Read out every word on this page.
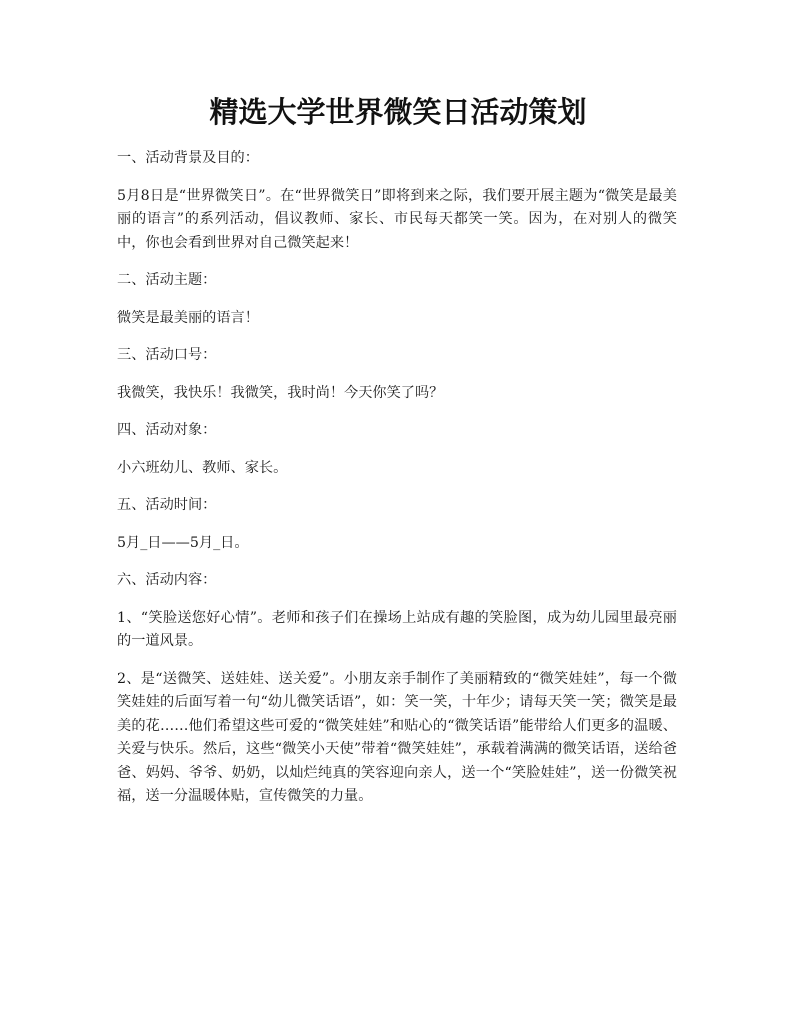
精选大学世界微笑日活动策划

一、活动背景及目的：

5月8日是“世界微笑日”。在“世界微笑日”即将到来之际，我们要开展主题为“微笑是最美丽的语言”的系列活动，倡议教师、家长、市民每天都笑一笑。因为，在对别人的微笑中，你也会看到世界对自己微笑起来！

二、活动主题：

微笑是最美丽的语言！

三、活动口号：

我微笑，我快乐！我微笑，我时尚！今天你笑了吗？

四、活动对象：

小六班幼儿、教师、家长。

五、活动时间：

5月_日——5月_日。

六、活动内容：

1、“笑脸送您好心情”。老师和孩子们在操场上站成有趣的笑脸图，成为幼儿园里最亮丽的一道风景。

2、是“送微笑、送娃娃、送关爱”。小朋友亲手制作了美丽精致的“微笑娃娃”，每一个微笑娃娃的后面写着一句“幼儿微笑话语”，如：笑一笑，十年少；请每天笑一笑；微笑是最美的花……他们希望这些可爱的“微笑娃娃”和贴心的“微笑话语”能带给人们更多的温暖、关爱与快乐。然后，这些“微笑小天使”带着“微笑娃娃”，承载着满满的微笑话语，送给爸爸、妈妈、爷爷、奶奶，以灿烂纯真的笑容迎向亲人，送一个“笑脸娃娃”，送一份微笑祝福，送一分温暖体贴，宣传微笑的力量。
